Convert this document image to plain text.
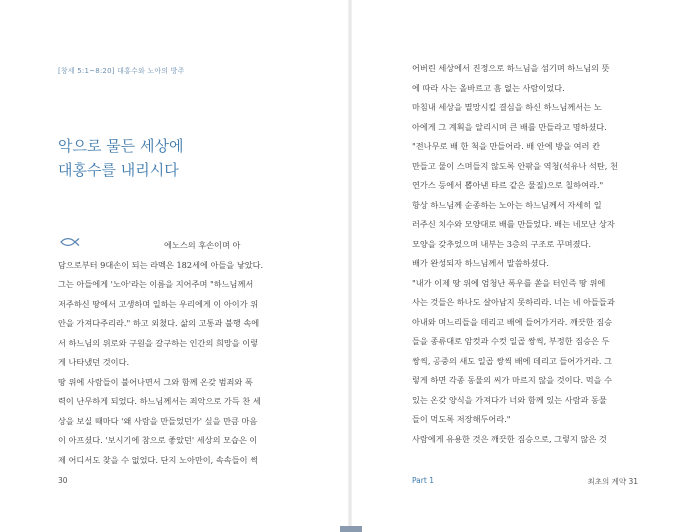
[창세 5:1~8:20] 대홍수와 노아의 방주
악으로 물든 세상에
대홍수를 내리시다
에노스의 후손이며 아
담으로부터 9대손이 되는 라멕은 182세에 아들을 낳았다.
그는 아들에게 '노아'라는 이름을 지어주며 "하느님께서
저주하신 땅에서 고생하며 일하는 우리에게 이 아이가 위
안을 가져다주리라." 하고 외쳤다. 삶의 고통과 불행 속에
서 하느님의 위로와 구원을 갈구하는 인간의 희망을 이렇
게 나타냈던 것이다.
땅 위에 사람들이 불어나면서 그와 함께 온갖 범죄와 폭
력이 난무하게 되었다. 하느님께서는 죄악으로 가득 찬 세
상을 보실 때마다 '왜 사람을 만들었던가' 싶을 만큼 마음
이 아프셨다. '보시기에 참으로 좋았던' 세상의 모습은 이
제 어디서도 찾을 수 없었다. 단지 노아만이, 속속들이 썩
30
어버린 세상에서 진정으로 하느님을 섬기며 하느님의 뜻
에 따라 사는 올바르고 흠 없는 사람이었다.
마침내 세상을 멸망시킬 결심을 하신 하느님께서는 노
아에게 그 계획을 알리시며 큰 배를 만들라고 명하셨다.
"전나무로 배 한 척을 만들어라. 배 안에 방을 여러 칸
만들고 물이 스며들지 않도록 안팎을 역청(석유나 석탄, 천
연가스 등에서 뽑아낸 타르 같은 물질)으로 칠하여라."
항상 하느님께 순종하는 노아는 하느님께서 자세히 일
러주신 치수와 모양대로 배를 만들었다. 배는 네모난 상자
모양을 갖추었으며 내부는 3층의 구조로 꾸며졌다.
배가 완성되자 하느님께서 말씀하셨다.
"내가 이제 땅 위에 엄청난 폭우를 쏟을 터인즉 땅 위에
사는 것들은 하나도 살아남지 못하리라. 너는 네 아들들과
아내와 며느리들을 데리고 배에 들어가거라. 깨끗한 짐승
들을 종류대로 암컷과 수컷 일곱 쌍씩, 부정한 짐승은 두
쌍씩, 공중의 새도 일곱 쌍씩 배에 데리고 들어가거라. 그
렇게 하면 각종 동물의 씨가 마르지 않을 것이다. 먹을 수
있는 온갖 양식을 가져다가 너와 함께 있는 사람과 동물
들이 먹도록 저장해두어라."
사람에게 유용한 것은 깨끗한 짐승으로, 그렇지 않은 것
Part 1	최초의 계약 31
